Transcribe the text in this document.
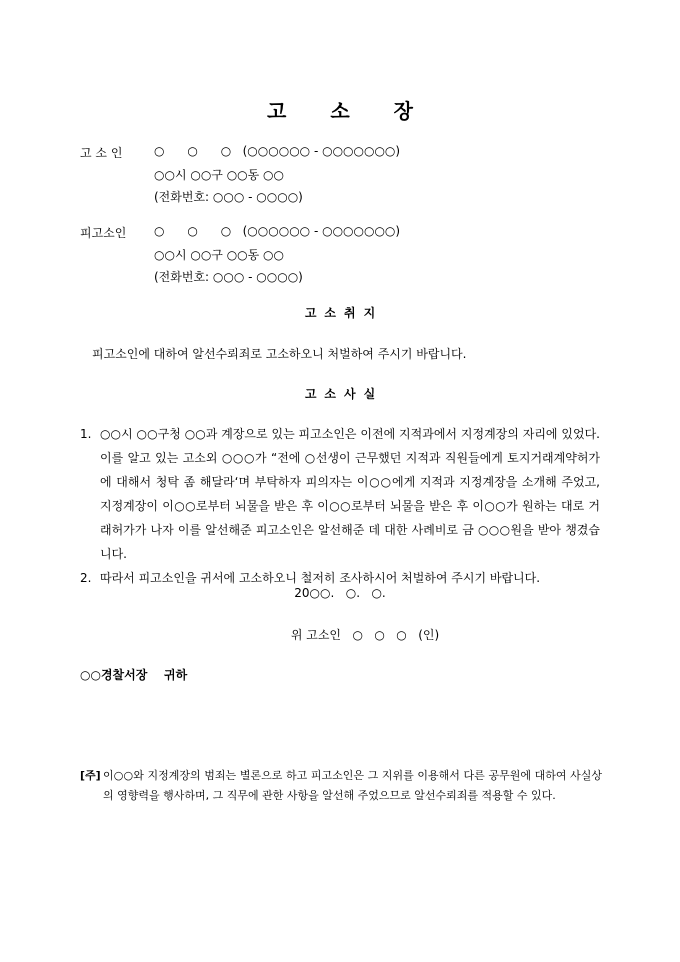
고 소 장
고 소 인	○      ○      ○   (○○○○○○ - ○○○○○○○)
○○시 ○○구 ○○동 ○○
(전화번호: ○○○ - ○○○○)
피고소인 ○      ○      ○   (○○○○○○ - ○○○○○○○)
○○시 ○○구 ○○동 ○○
(전화번호: ○○○ - ○○○○)
고 소 취 지
피고소인에 대하여 알선수뢰죄로 고소하오니 처벌하여 주시기 바랍니다.
고 소 사 실
1. ○○시 ○○구청 ○○과 계장으로 있는 피고소인은 이전에 지적과에서 지정계장의 자리에 있었다. 이를 알고 있는 고소외 ○○○가 “전에 ○선생이 근무했던 지적과 직원들에게 토지거래계약허가에 대해서 청탁 좀 해달라‘며 부탁하자 피의자는 이○○에게 지적과 지정계장을 소개해 주었고, 지정계장이 이○○로부터 뇌물을 받은 후 이○○로부터 뇌물을 받은 후 이○○가 원하는 대로 거래허가가 나자 이를 알선해준 피고소인은 알선해준 데 대한 사례비로 금 ○○○원을 받아 챙겼습니다.
2. 따라서 피고소인을 귀서에 고소하오니 철저히 조사하시어 처벌하여 주시기 바랍니다.
20○○.   ○.   ○.
위 고소인   ○   ○   ○   (인)
○○경찰서장    귀하
[주] 이○○와 지정계장의 범죄는 별론으로 하고 피고소인은 그 지위를 이용해서 다른 공무원에 대하여 사실상의 영향력을 행사하며, 그 직무에 관한 사항을 알선해 주었으므로 알선수뢰죄를 적용할 수 있다.
